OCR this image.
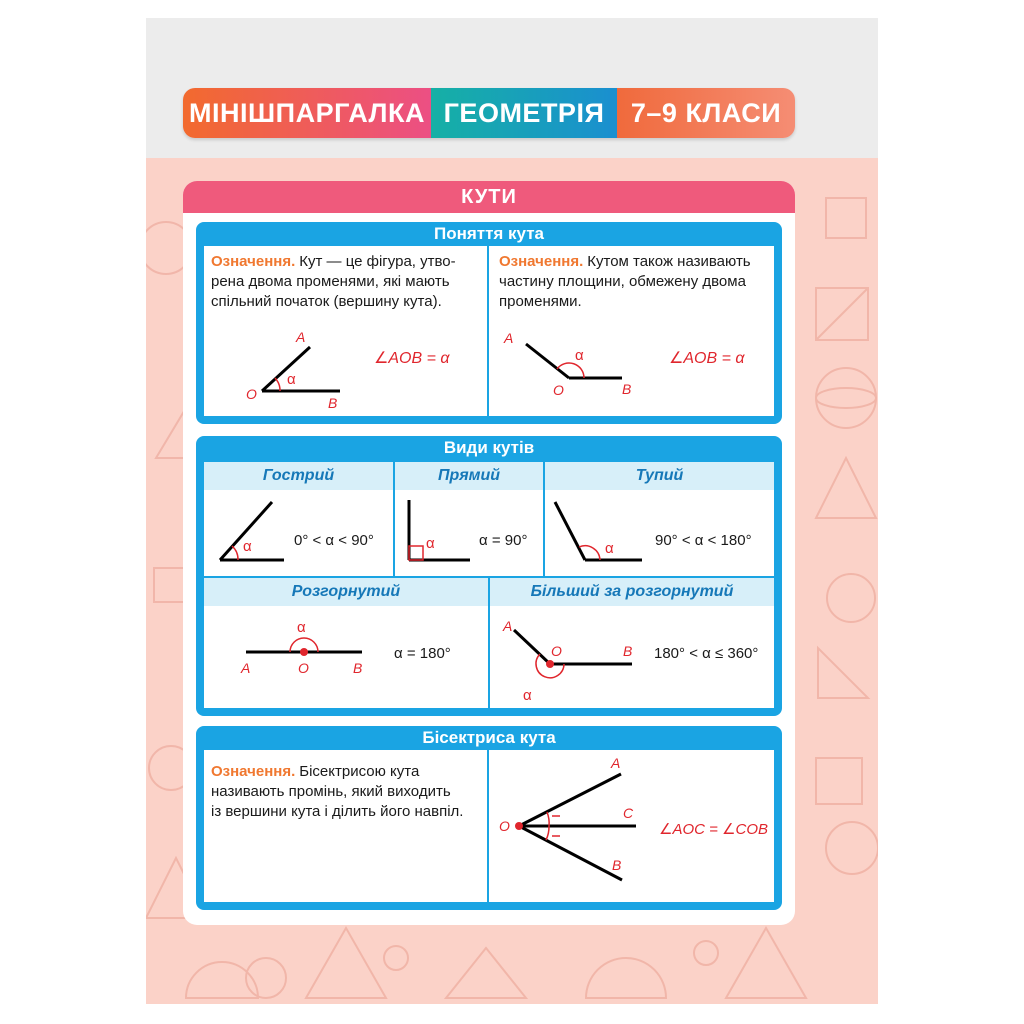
МІНІШПАРГАЛКА ГЕОМЕТРІЯ 7–9 КЛАСИ
КУТИ
Поняття кута
Означення. Кут — це фігура, утво-
рена двома променями, які мають
спільний початок (вершину кута).
α
A
O
B
∠AOB = α
Означення. Кутом також називають
частину площини, обмежену двома
променями.
α
A
O	B
∠AOB = α
Види кутів
Гострий	Прямий	Тупий
α	0° < α < 90°	α	α = 90°	α	90° < α < 180°
Розгорнутий	Більший за розгорнутий
α
A	O	B
α = 180°
α
A
O	B 180° < α ≤ 360°
Бісектриса кута
Означення. Бісектрисою кута
називають промінь, який виходить
із вершини кута і ділить його навпіл.
A
O
C
B
∠AOC = ∠COB
